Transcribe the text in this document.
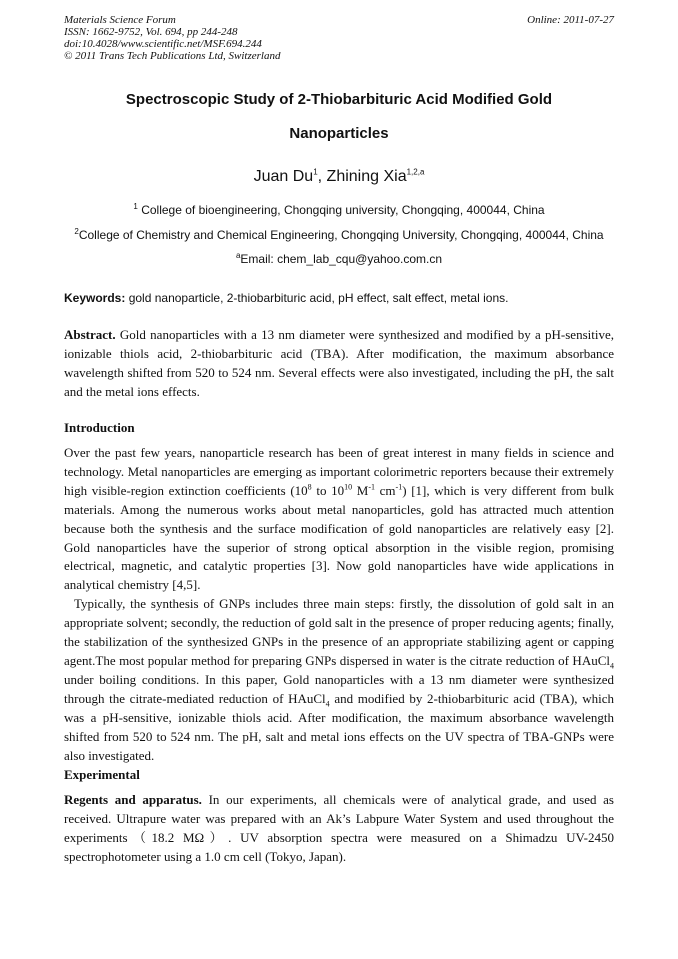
Materials Science Forum
ISSN: 1662-9752, Vol. 694, pp 244-248
doi:10.4028/www.scientific.net/MSF.694.244
© 2011 Trans Tech Publications Ltd, Switzerland
Online: 2011-07-27
Spectroscopic Study of 2-Thiobarbituric Acid Modified Gold
Nanoparticles
Juan Du$^1$, Zhining Xia$^{1,2,a}$
$^1$ College of bioengineering, Chongqing university, Chongqing, 400044, China
$^2$College of Chemistry and Chemical Engineering, Chongqing University, Chongqing, 400044, China
$^a$Email: chem_lab_cqu@yahoo.com.cn
Keywords: gold nanoparticle, 2-thiobarbituric acid, pH effect, salt effect, metal ions.
Abstract. Gold nanoparticles with a 13 nm diameter were synthesized and modified by a pH-sensitive, ionizable thiols acid, 2-thiobarbituric acid (TBA). After modification, the maximum absorbance wavelength shifted from 520 to 524 nm. Several effects were also investigated, including the pH, the salt and the metal ions effects.
Introduction
Over the past few years, nanoparticle research has been of great interest in many fields in science and technology. Metal nanoparticles are emerging as important colorimetric reporters because their extremely high visible-region extinction coefficients ($10^8$ to $10^{10}$ $M^{-1}$ $cm^{-1}$) [1], which is very different from bulk materials. Among the numerous works about metal nanoparticles, gold has attracted much attention because both the synthesis and the surface modification of gold nanoparticles are relatively easy [2]. Gold nanoparticles have the superior of strong optical absorption in the visible region, promising electrical, magnetic, and catalytic properties [3]. Now gold nanoparticles have wide applications in analytical chemistry [4,5].
Typically, the synthesis of GNPs includes three main steps: firstly, the dissolution of gold salt in an appropriate solvent; secondly, the reduction of gold salt in the presence of proper reducing agents; finally, the stabilization of the synthesized GNPs in the presence of an appropriate stabilizing agent or capping agent.The most popular method for preparing GNPs dispersed in water is the citrate reduction of HAuCl$_4$ under boiling conditions. In this paper, Gold nanoparticles with a 13 nm diameter were synthesized through the citrate-mediated reduction of HAuCl$_4$ and modified by 2-thiobarbituric acid (TBA), which was a pH-sensitive, ionizable thiols acid. After modification, the maximum absorbance wavelength shifted from 520 to 524 nm. The pH, salt and metal ions effects on the UV spectra of TBA-GNPs were also investigated.
Experimental
Regents and apparatus. In our experiments, all chemicals were of analytical grade, and used as received. Ultrapure water was prepared with an Ak’s Labpure Water System and used throughout the experiments（18.2 MΩ）. UV absorption spectra were measured on a Shimadzu UV-2450 spectrophotometer using a 1.0 cm cell (Tokyo, Japan).
